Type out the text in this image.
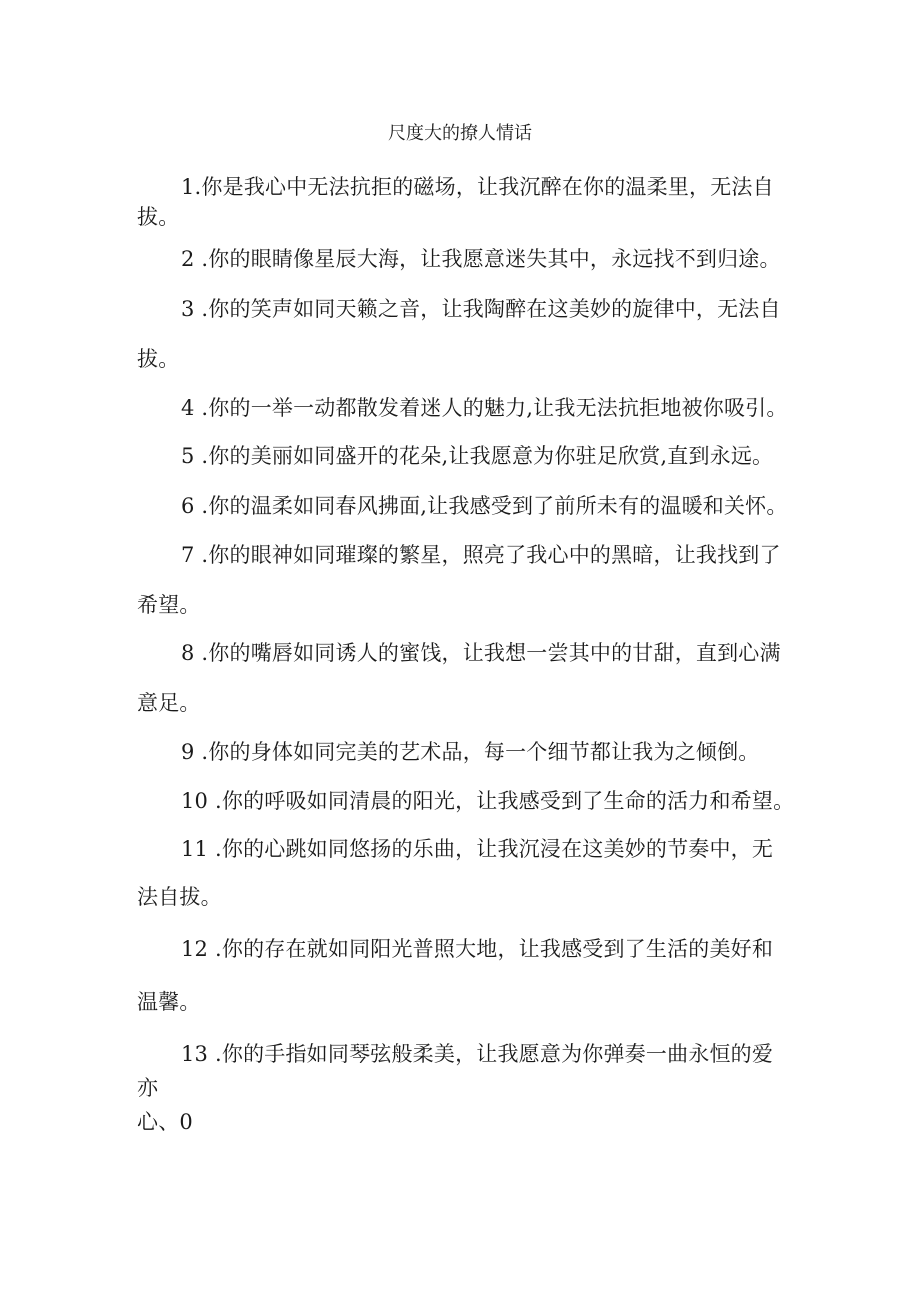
尺度大的撩人情话
1.你是我心中无法抗拒的磁场，让我沉醉在你的温柔里，无法自
拔。
2 .你的眼睛像星辰大海，让我愿意迷失其中，永远找不到归途。
3 .你的笑声如同天籁之音，让我陶醉在这美妙的旋律中，无法自
拔。
4 .你的一举一动都散发着迷人的魅力,让我无法抗拒地被你吸引。
5 .你的美丽如同盛开的花朵,让我愿意为你驻足欣赏,直到永远。
6 .你的温柔如同春风拂面,让我感受到了前所未有的温暖和关怀。
7 .你的眼神如同璀璨的繁星，照亮了我心中的黑暗，让我找到了
希望。
8 .你的嘴唇如同诱人的蜜饯，让我想一尝其中的甘甜，直到心满
意足。
9 .你的身体如同完美的艺术品，每一个细节都让我为之倾倒。
10 .你的呼吸如同清晨的阳光，让我感受到了生命的活力和希望。
11 .你的心跳如同悠扬的乐曲，让我沉浸在这美妙的节奏中，无
法自拔。
12 .你的存在就如同阳光普照大地，让我感受到了生活的美好和
温馨。
13 .你的手指如同琴弦般柔美，让我愿意为你弹奏一曲永恒的爱
亦
心、0
